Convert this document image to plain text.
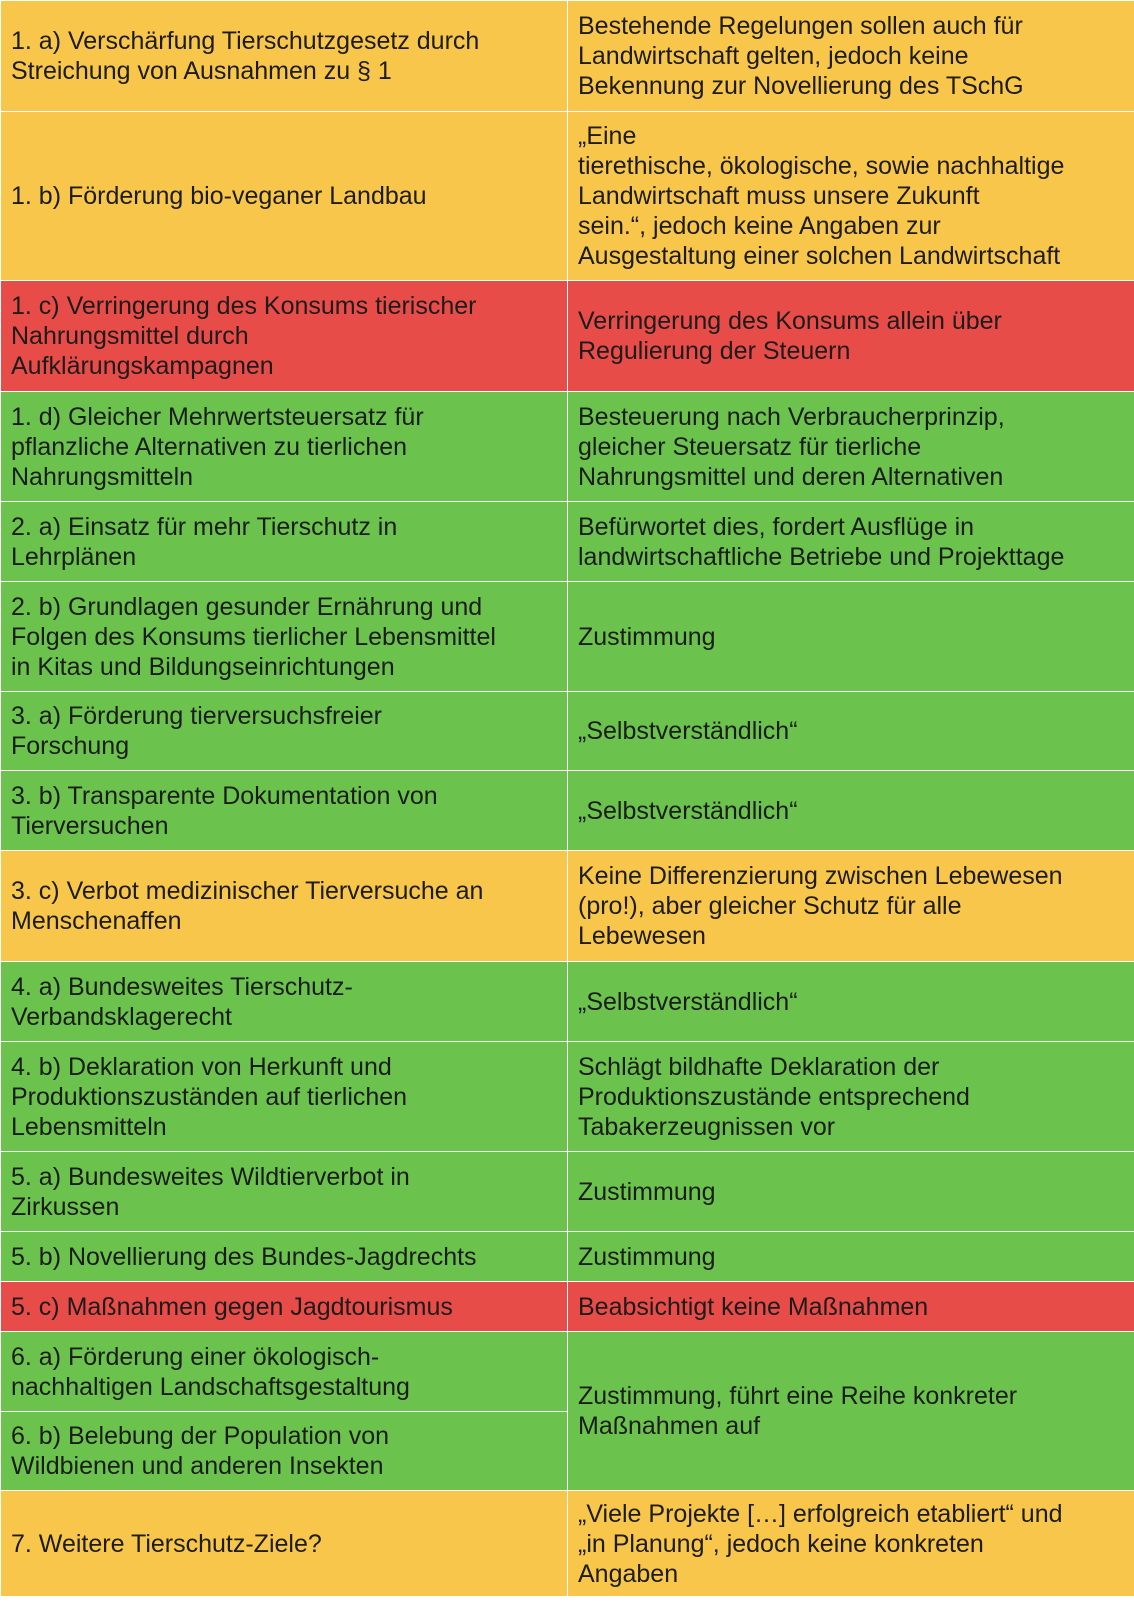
1. a) Verschärfung Tierschutzgesetz durch
Streichung von Ausnahmen zu § 1	Bestehende Regelungen sollen auch für
Landwirtschaft gelten, jedoch keine
Bekennung zur Novellierung des TSchG
1. b) Förderung bio-veganer Landbau	„Eine
tierethische, ökologische, sowie nachhaltige
Landwirtschaft muss unsere Zukunft
sein.“, jedoch keine Angaben zur
Ausgestaltung einer solchen Landwirtschaft
1. c) Verringerung des Konsums tierischer
Nahrungsmittel durch
Aufklärungskampagnen	Verringerung des Konsums allein über
Regulierung der Steuern
1. d) Gleicher Mehrwertsteuersatz für
pflanzliche Alternativen zu tierlichen
Nahrungsmitteln	Besteuerung nach Verbraucherprinzip,
gleicher Steuersatz für tierliche
Nahrungsmittel und deren Alternativen
2. a) Einsatz für mehr Tierschutz in
Lehrplänen	Befürwortet dies, fordert Ausflüge in
landwirtschaftliche Betriebe und Projekttage
2. b) Grundlagen gesunder Ernährung und
Folgen des Konsums tierlicher Lebensmittel
in Kitas und Bildungseinrichtungen	Zustimmung
3. a) Förderung tierversuchsfreier
Forschung	„Selbstverständlich“
3. b) Transparente Dokumentation von
Tierversuchen	„Selbstverständlich“
3. c) Verbot medizinischer Tierversuche an
Menschenaffen	Keine Differenzierung zwischen Lebewesen
(pro!), aber gleicher Schutz für alle
Lebewesen
4. a) Bundesweites Tierschutz-
Verbandsklagerecht	„Selbstverständlich“
4. b) Deklaration von Herkunft und
Produktionszuständen auf tierlichen
Lebensmitteln	Schlägt bildhafte Deklaration der
Produktionszustände entsprechend
Tabakerzeugnissen vor
5. a) Bundesweites Wildtierverbot in
Zirkussen	Zustimmung
5. b) Novellierung des Bundes-Jagdrechts	Zustimmung
5. c) Maßnahmen gegen Jagdtourismus	Beabsichtigt keine Maßnahmen
6. a) Förderung einer ökologisch-
nachhaltigen Landschaftsgestaltung	Zustimmung, führt eine Reihe konkreter
Maßnahmen auf
6. b) Belebung der Population von
Wildbienen und anderen Insekten	
7. Weitere Tierschutz-Ziele?	„Viele Projekte […] erfolgreich etabliert“ und
„in Planung“, jedoch keine konkreten
Angaben
